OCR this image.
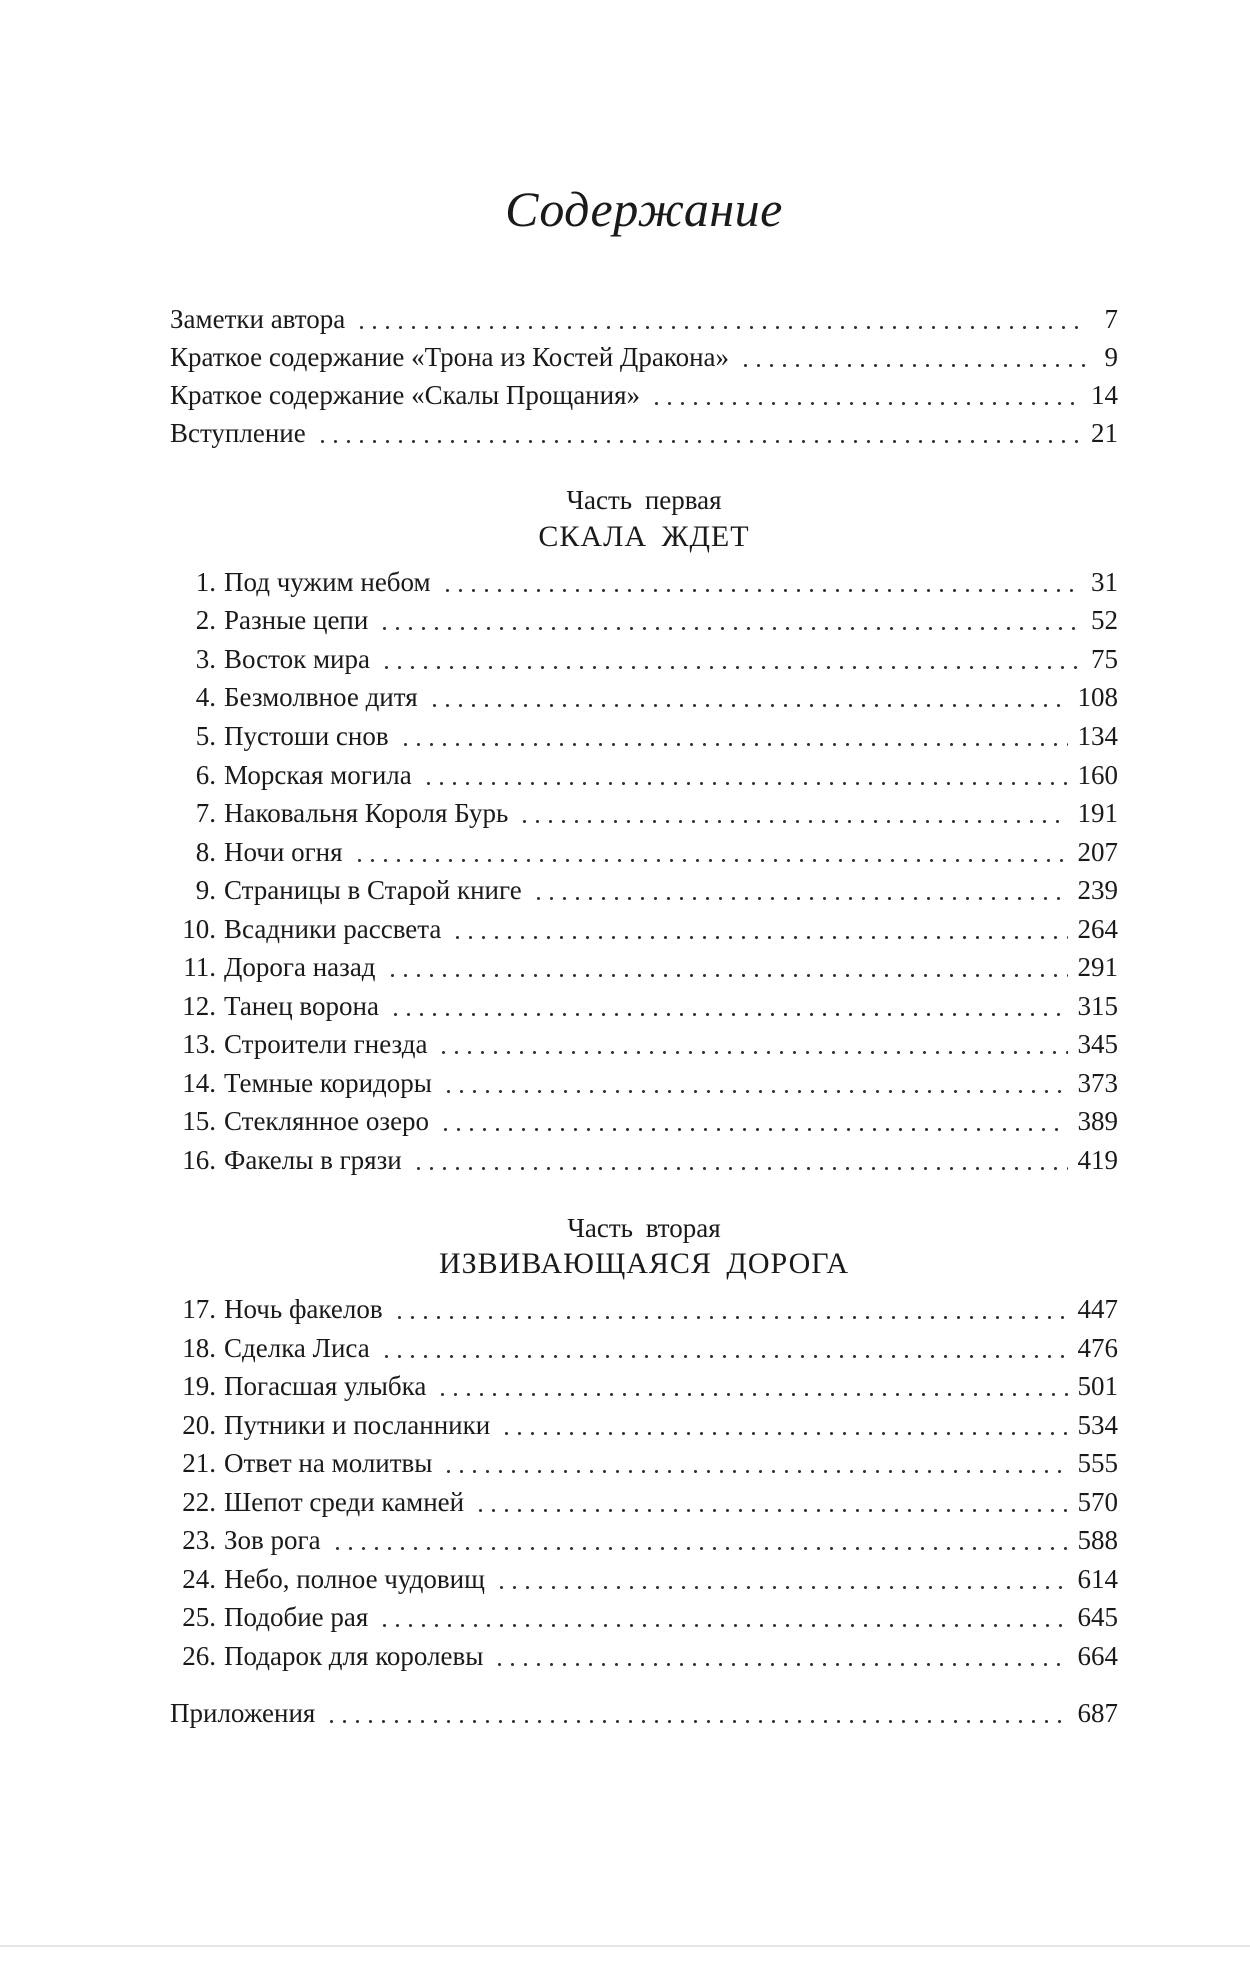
Содержание
Заметки автора	7
Краткое содержание «Трона из Костей Дракона»	9
Краткое содержание «Скалы Прощания»	14
Вступление	21
Часть первая
СКАЛА ЖДЕТ
1. Под чужим небом	31
2. Разные цепи	52
3. Восток мира	75
4. Безмолвное дитя	108
5. Пустоши снов	134
6. Морская могила	160
7. Наковальня Короля Бурь	191
8. Ночи огня	207
9. Страницы в Старой книге	239
10. Всадники рассвета	264
11. Дорога назад	291
12. Танец ворона	315
13. Строители гнезда	345
14. Темные коридоры	373
15. Стеклянное озеро	389
16. Факелы в грязи	419
Часть вторая
ИЗВИВАЮЩАЯСЯ ДОРОГА
17. Ночь факелов	447
18. Сделка Лиса	476
19. Погасшая улыбка	501
20. Путники и посланники	534
21. Ответ на молитвы	555
22. Шепот среди камней	570
23. Зов рога	588
24. Небо, полное чудовищ	614
25. Подобие рая	645
26. Подарок для королевы	664
Приложения	687
